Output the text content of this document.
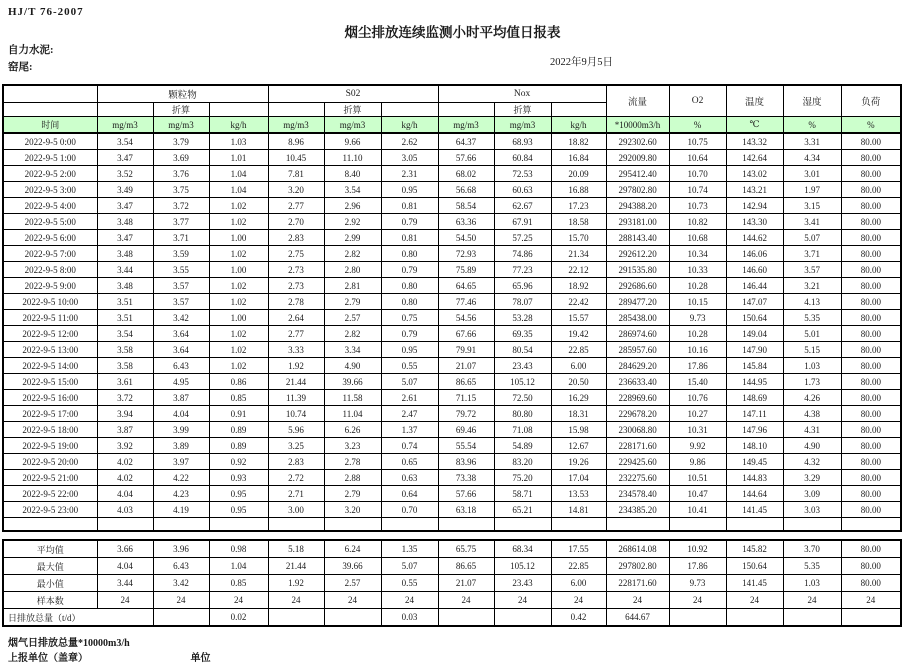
HJ/T 76-2007
烟尘排放连续监测小时平均值日报表
自力水泥:
窑尾:	2022年9月5日
	颗粒物			S02			Nox			流量	O2	温度	湿度	负荷
		折算			折算			折算						
时间	mg/m3	mg/m3	kg/h	mg/m3	mg/m3	kg/h	mg/m3	mg/m3	kg/h	*10000m3/h	%	℃	%	%
2022-9-5 0:00	3.54	3.79	1.03	8.96	9.66	2.62	64.37	68.93	18.82	292302.60	10.75	143.32	3.31	80.00
2022-9-5 1:00	3.47	3.69	1.01	10.45	11.10	3.05	57.66	60.84	16.84	292009.80	10.64	142.64	4.34	80.00
2022-9-5 2:00	3.52	3.76	1.04	7.81	8.40	2.31	68.02	72.53	20.09	295412.40	10.70	143.02	3.01	80.00
2022-9-5 3:00	3.49	3.75	1.04	3.20	3.54	0.95	56.68	60.63	16.88	297802.80	10.74	143.21	1.97	80.00
2022-9-5 4:00	3.47	3.72	1.02	2.77	2.96	0.81	58.54	62.67	17.23	294388.20	10.73	142.94	3.15	80.00
2022-9-5 5:00	3.48	3.77	1.02	2.70	2.92	0.79	63.36	67.91	18.58	293181.00	10.82	143.30	3.41	80.00
2022-9-5 6:00	3.47	3.71	1.00	2.83	2.99	0.81	54.50	57.25	15.70	288143.40	10.68	144.62	5.07	80.00
2022-9-5 7:00	3.48	3.59	1.02	2.75	2.82	0.80	72.93	74.86	21.34	292612.20	10.34	146.06	3.71	80.00
2022-9-5 8:00	3.44	3.55	1.00	2.73	2.80	0.79	75.89	77.23	22.12	291535.80	10.33	146.60	3.57	80.00
2022-9-5 9:00	3.48	3.57	1.02	2.73	2.81	0.80	64.65	65.96	18.92	292686.60	10.28	146.44	3.21	80.00
2022-9-5 10:00	3.51	3.57	1.02	2.78	2.79	0.80	77.46	78.07	22.42	289477.20	10.15	147.07	4.13	80.00
2022-9-5 11:00	3.51	3.42	1.00	2.64	2.57	0.75	54.56	53.28	15.57	285438.00	9.73	150.64	5.35	80.00
2022-9-5 12:00	3.54	3.64	1.02	2.77	2.82	0.79	67.66	69.35	19.42	286974.60	10.28	149.04	5.01	80.00
2022-9-5 13:00	3.58	3.64	1.02	3.33	3.34	0.95	79.91	80.54	22.85	285957.60	10.16	147.90	5.15	80.00
2022-9-5 14:00	3.58	6.43	1.02	1.92	4.90	0.55	21.07	23.43	6.00	284629.20	17.86	145.84	1.03	80.00
2022-9-5 15:00	3.61	4.95	0.86	21.44	39.66	5.07	86.65	105.12	20.50	236633.40	15.40	144.95	1.73	80.00
2022-9-5 16:00	3.72	3.87	0.85	11.39	11.58	2.61	71.15	72.50	16.29	228969.60	10.76	148.69	4.26	80.00
2022-9-5 17:00	3.94	4.04	0.91	10.74	11.04	2.47	79.72	80.80	18.31	229678.20	10.27	147.11	4.38	80.00
2022-9-5 18:00	3.87	3.99	0.89	5.96	6.26	1.37	69.46	71.08	15.98	230068.80	10.31	147.96	4.31	80.00
2022-9-5 19:00	3.92	3.89	0.89	3.25	3.23	0.74	55.54	54.89	12.67	228171.60	9.92	148.10	4.90	80.00
2022-9-5 20:00	4.02	3.97	0.92	2.83	2.78	0.65	83.96	83.20	19.26	229425.60	9.86	149.45	4.32	80.00
2022-9-5 21:00	4.02	4.22	0.93	2.72	2.88	0.63	73.38	75.20	17.04	232275.60	10.51	144.83	3.29	80.00
2022-9-5 22:00	4.04	4.23	0.95	2.71	2.79	0.64	57.66	58.71	13.53	234578.40	10.47	144.64	3.09	80.00
2022-9-5 23:00	4.03	4.19	0.95	3.00	3.20	0.70	63.18	65.21	14.81	234385.20	10.41	141.45	3.03	80.00

平均值	3.66	3.96	0.98	5.18	6.24	1.35	65.75	68.34	17.55	268614.08	10.92	145.82	3.70	80.00
最大值	4.04	6.43	1.04	21.44	39.66	5.07	86.65	105.12	22.85	297802.80	17.86	150.64	5.35	80.00
最小值	3.44	3.42	0.85	1.92	2.57	0.55	21.07	23.43	6.00	228171.60	9.73	141.45	1.03	80.00
样本数	24	24	24	24	24	24	24	24	24	24	24	24	24	24
日排放总量（t/d）			0.02			0.03			0.42	644.67				
烟气日排放总量*10000m3/h
上报单位（盖章）	单位
